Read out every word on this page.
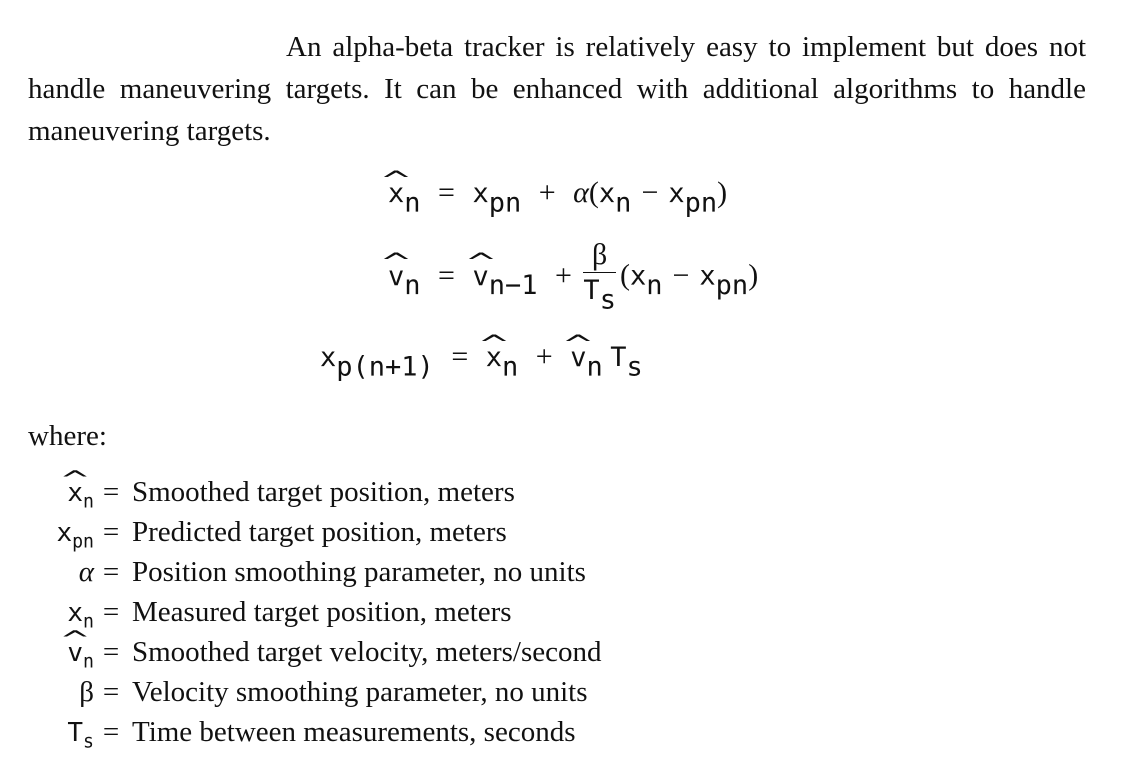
An alpha-beta tracker is relatively easy to implement but does not handle maneuvering targets. It can be enhanced with additional algorithms to handle maneuvering targets.

^ $x_n = x_{pn} + \alpha(x_n - x_{pn})$
^ $v_n$ = ^ $v_{n-1} + \frac{\beta}{T_s} (x_n - x_{pn})$
$x_{p(n+1)}$ = ^ $x_n$ + ^ $v_n$ $T_s$
where:
^ $x_n$ = Smoothed target position, meters
$x_{pn}$ = Predicted target position, meters
α = Position smoothing parameter, no units
$x_n$ = Measured target position, meters
^ $v_n$ = Smoothed target velocity, meters/second
β = Velocity smoothing parameter, no units
$T_s$ = Time between measurements, seconds
